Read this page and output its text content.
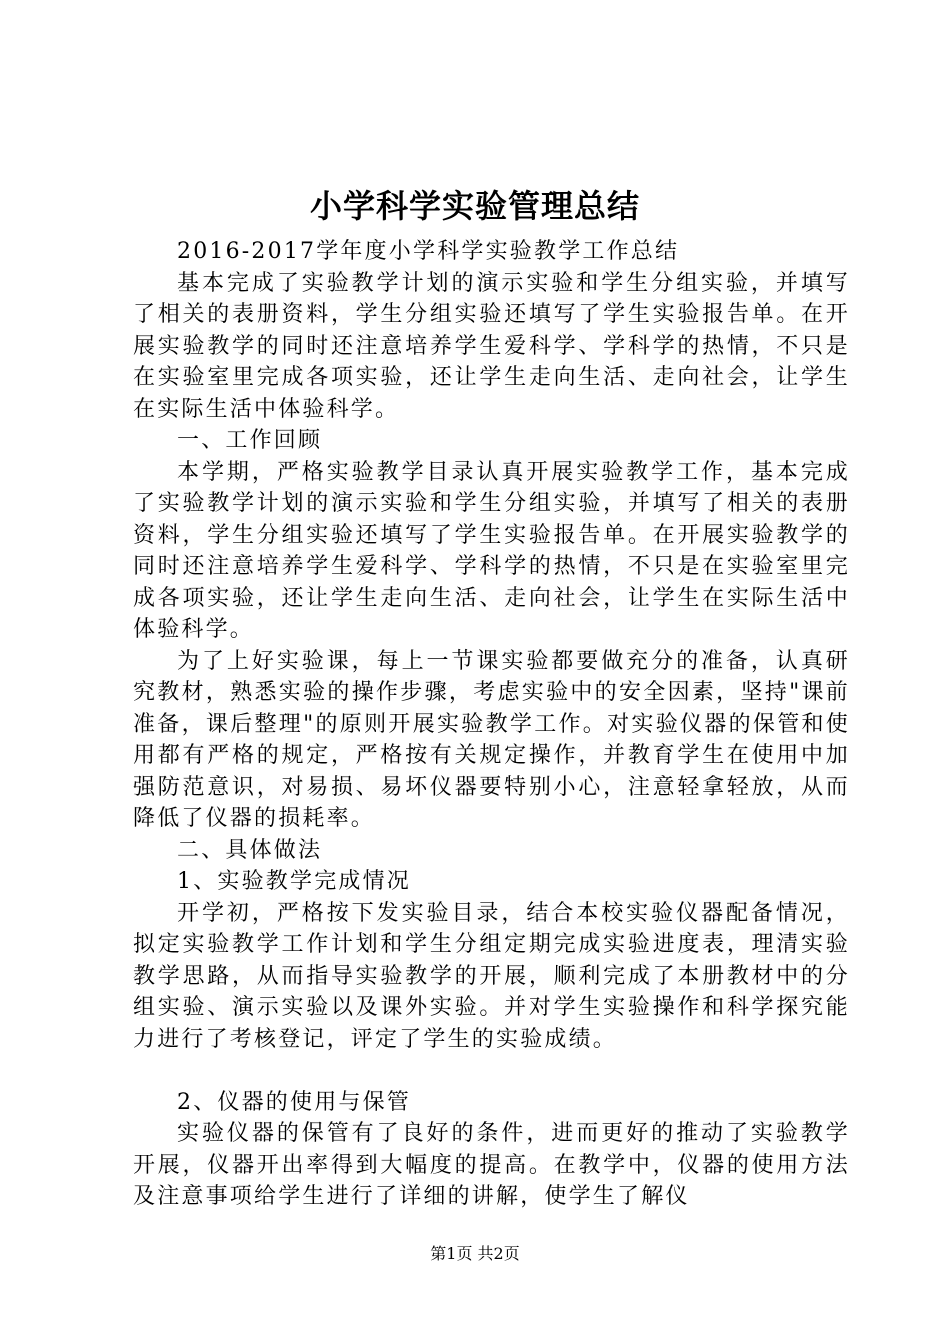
小学科学实验管理总结

2016-2017学年度小学科学实验教学工作总结

基本完成了实验教学计划的演示实验和学生分组实验，并填写了相关的表册资料，学生分组实验还填写了学生实验报告单。在开展实验教学的同时还注意培养学生爱科学、学科学的热情，不只是在实验室里完成各项实验，还让学生走向生活、走向社会，让学生在实际生活中体验科学。

一、工作回顾

本学期，严格实验教学目录认真开展实验教学工作，基本完成了实验教学计划的演示实验和学生分组实验，并填写了相关的表册资料，学生分组实验还填写了学生实验报告单。在开展实验教学的同时还注意培养学生爱科学、学科学的热情，不只是在实验室里完成各项实验，还让学生走向生活、走向社会，让学生在实际生活中体验科学。

为了上好实验课，每上一节课实验都要做充分的准备，认真研究教材，熟悉实验的操作步骤，考虑实验中的安全因素，坚持"课前准备，课后整理"的原则开展实验教学工作。对实验仪器的保管和使用都有严格的规定，严格按有关规定操作，并教育学生在使用中加强防范意识，对易损、易坏仪器要特别小心，注意轻拿轻放，从而降低了仪器的损耗率。

二、具体做法

1、实验教学完成情况

开学初，严格按下发实验目录，结合本校实验仪器配备情况，拟定实验教学工作计划和学生分组定期完成实验进度表，理清实验教学思路，从而指导实验教学的开展，顺利完成了本册教材中的分组实验、演示实验以及课外实验。并对学生实验操作和科学探究能力进行了考核登记，评定了学生的实验成绩。

2、仪器的使用与保管

实验仪器的保管有了良好的条件，进而更好的推动了实验教学开展，仪器开出率得到大幅度的提高。在教学中，仪器的使用方法及注意事项给学生进行了详细的讲解，使学生了解仪

第1页 共2页
